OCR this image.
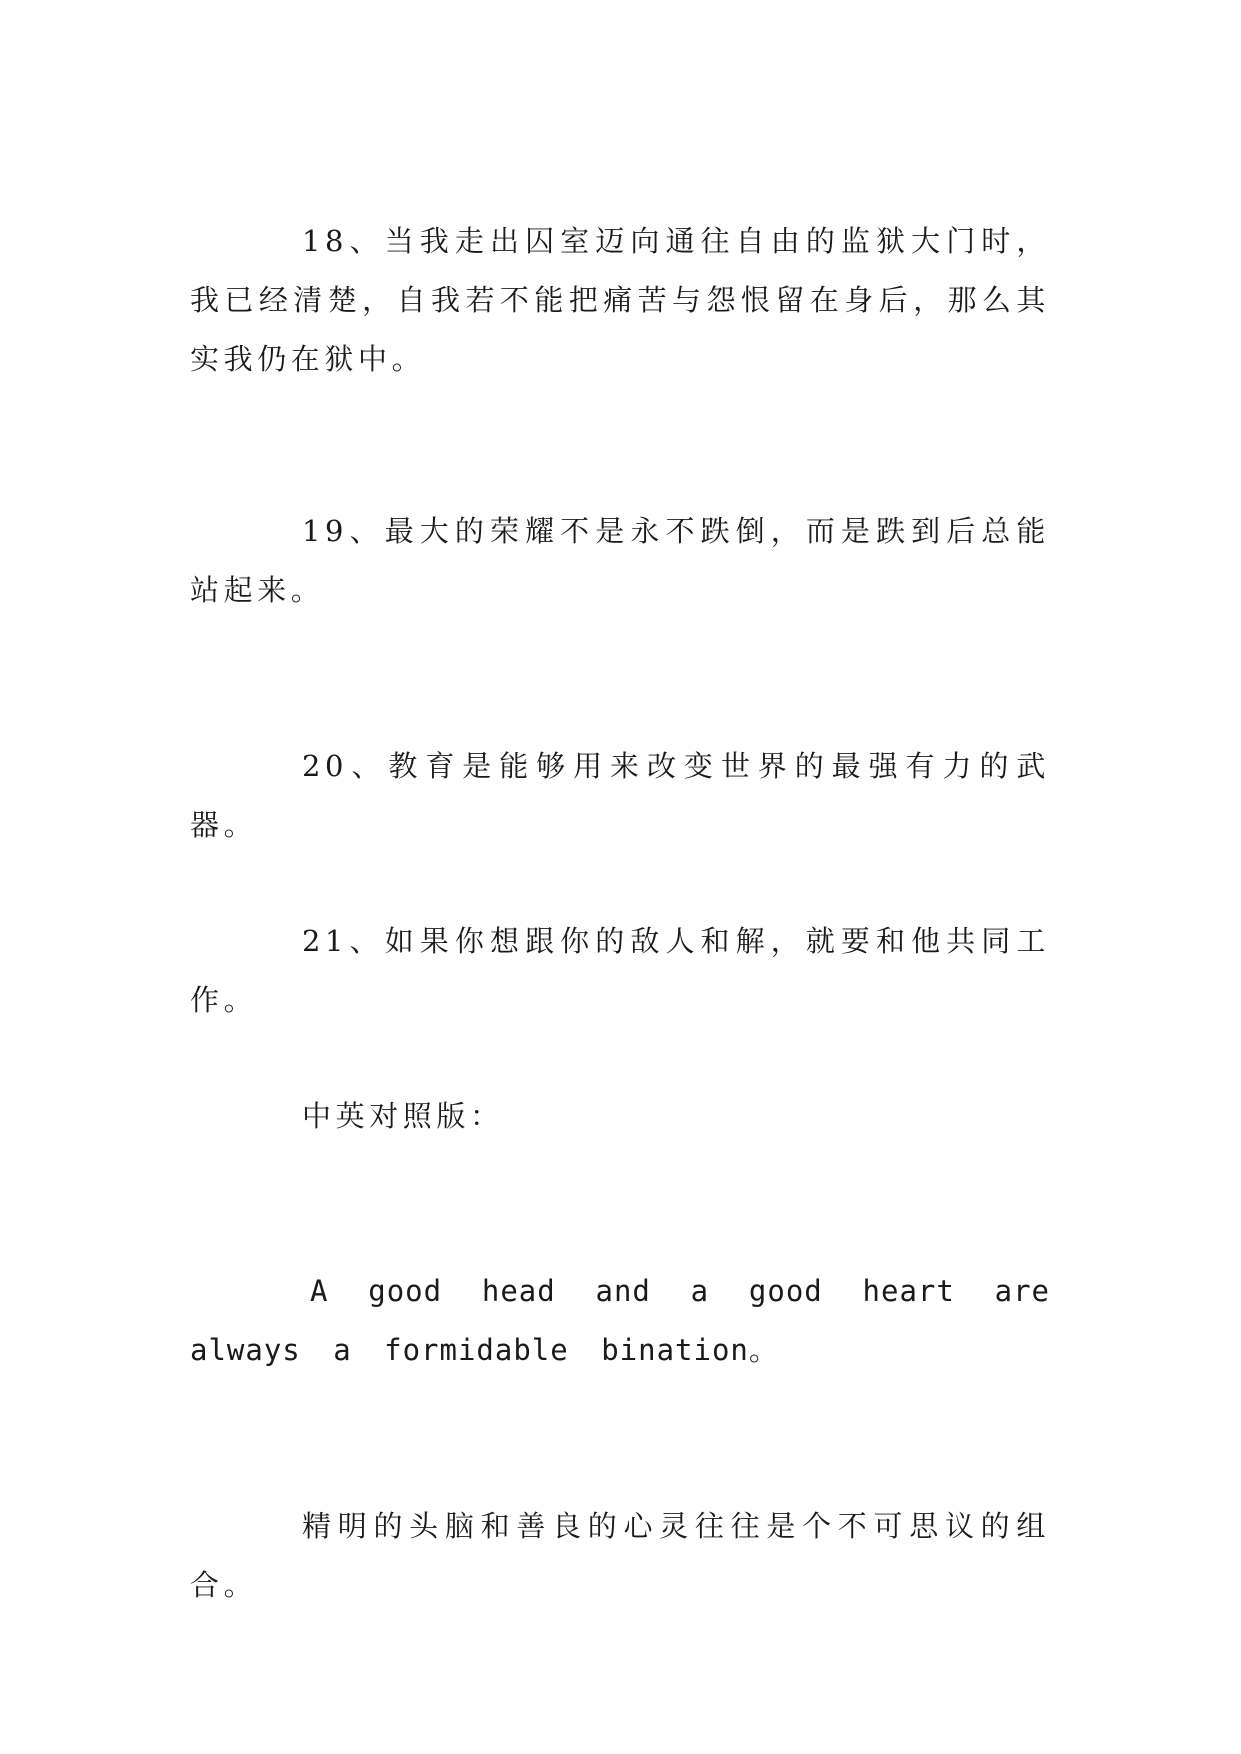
18、当我走出囚室迈向通往自由的监狱大门时，我已经清楚，自我若不能把痛苦与怨恨留在身后，那么其实我仍在狱中。

19、最大的荣耀不是永不跌倒，而是跌到后总能站起来。

20、教育是能够用来改变世界的最强有力的武器。

21、如果你想跟你的敌人和解，就要和他共同工作。

中英对照版：

A good head and a good heart are always a formidable bination。

精明的头脑和善良的心灵往往是个不可思议的组合。
